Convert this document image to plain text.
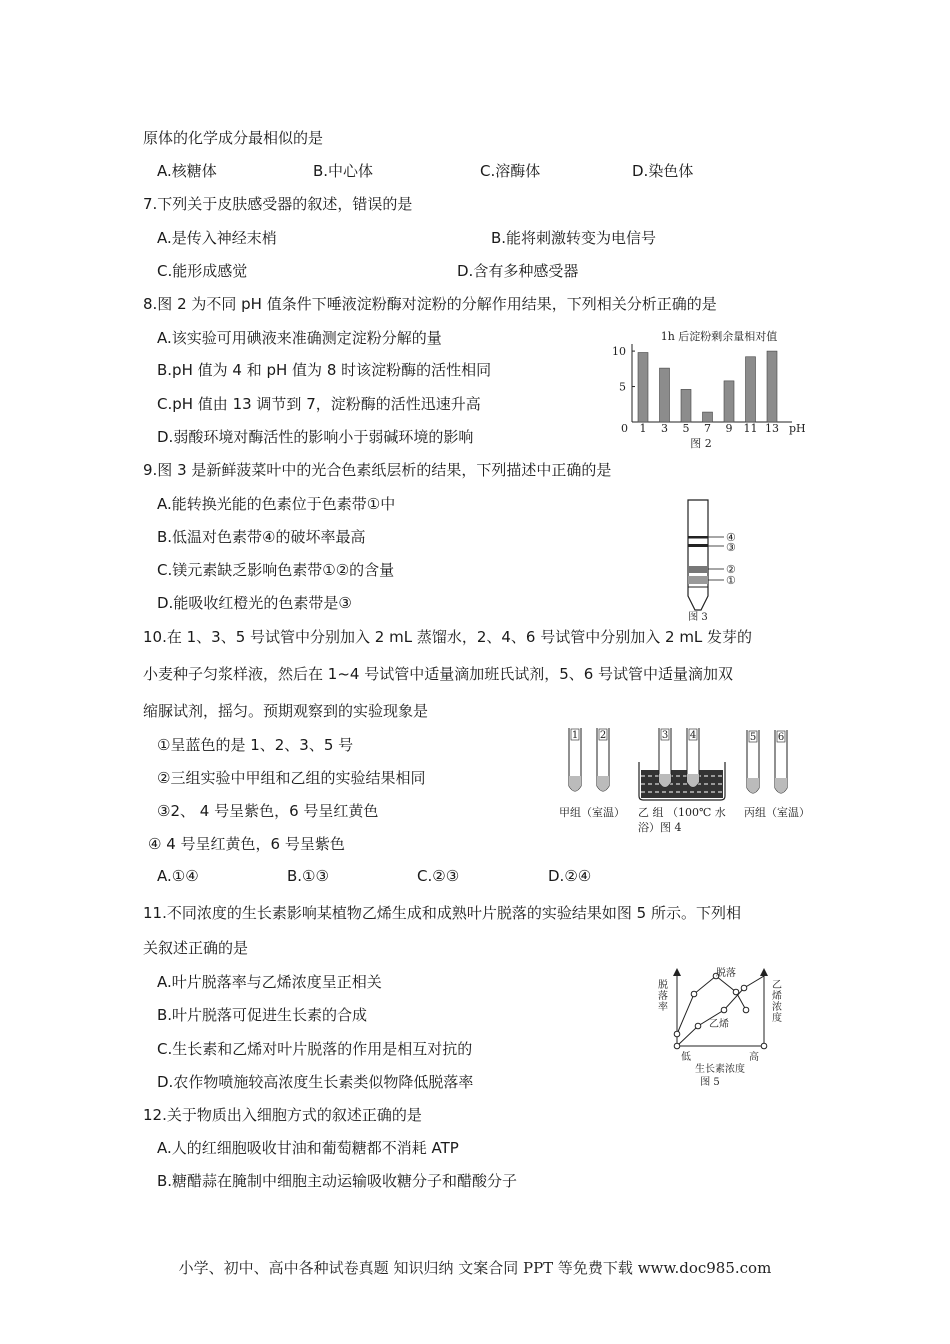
原体的化学成分最相似的是
A.核糖体	B.中心体	C.溶酶体	D.染色体
7.下列关于皮肤感受器的叙述，错误的是
A.是传入神经末梢	B.能将刺激转变为电信号
C.能形成感觉	D.含有多种感受器
8.图 2 为不同 pH 值条件下唾液淀粉酶对淀粉的分解作用结果，下列相关分析正确的是
A.该实验可用碘液来准确测定淀粉分解的量
B.pH 值为 4 和 pH 值为 8 时该淀粉酶的活性相同
C.pH 值由 13 调节到 7，淀粉酶的活性迅速升高
D.弱酸环境对酶活性的影响小于弱碱环境的影响
1h 后淀粉剩余量相对值
0
5
10
1 3 5 7 9 11 13 pH
图 2
9.图 3 是新鲜菠菜叶中的光合色素纸层析的结果，下列描述中正确的是
A.能转换光能的色素位于色素带①中
B.低温对色素带④的破坏率最高
C.镁元素缺乏影响色素带①②的含量
D.能吸收红橙光的色素带是③
④
③
②
①
图 3
10.在 1、3、5 号试管中分别加入 2 mL 蒸馏水，2、4、6 号试管中分别加入 2 mL 发芽的
小麦种子匀浆样液，然后在 1~4 号试管中适量滴加班氏试剂，5、6 号试管中适量滴加双
缩脲试剂，摇匀。预期观察到的实验现象是
①呈蓝色的是 1、2、3、5 号
②三组实验中甲组和乙组的实验结果相同
③2、 4 号呈紫色，6 号呈红黄色
④ 4 号呈红黄色，6 号呈紫色
A.①④	B.①③	C.②③	D.②④
1 2	3 4	5 6
甲组（室温） 乙 组 （100℃ 水 丙组（室温）
浴）图 4
11.不同浓度的生长素影响某植物乙烯生成和成熟叶片脱落的实验结果如图 5 所示。下列相
关叙述正确的是
A.叶片脱落率与乙烯浓度呈正相关
B.叶片脱落可促进生长素的合成
C.生长素和乙烯对叶片脱落的作用是相互对抗的
D.农作物喷施较高浓度生长素类似物降低脱落率
脱
落
率
乙
烯
浓
度
脱落
乙烯
低	高
生长素浓度
图 5
12.关于物质出入细胞方式的叙述正确的是
A.人的红细胞吸收甘油和葡萄糖都不消耗 ATP
B.糖醋蒜在腌制中细胞主动运输吸收糖分子和醋酸分子
小学、初中、高中各种试卷真题 知识归纳 文案合同 PPT 等免费下载 www.doc985.com
